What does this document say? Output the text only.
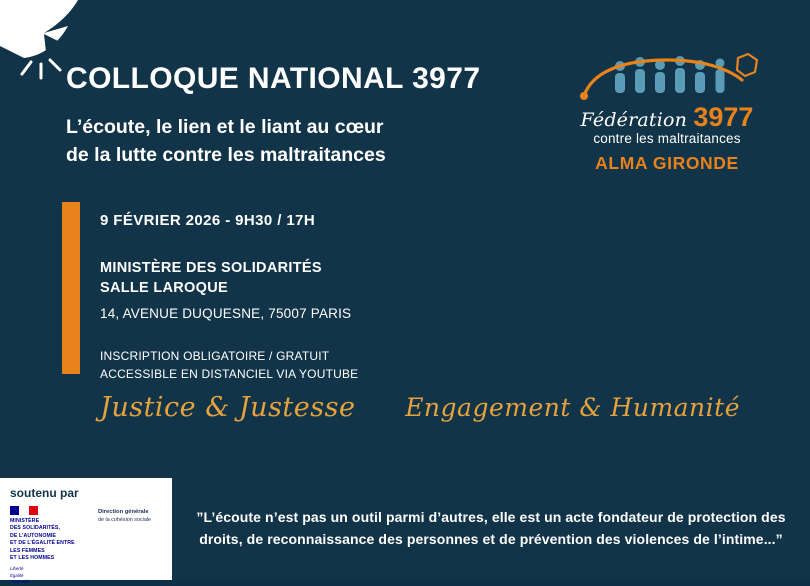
COLLOQUE NATIONAL 3977

L’écoute, le lien et le liant au cœur
de la lutte contre les maltraitances

Fédération 3977
contre les maltraitances
ALMA GIRONDE
9 FÉVRIER 2026 - 9H30 / 17H
MINISTÈRE DES SOLIDARITÉS
SALLE LAROQUE
14, AVENUE DUQUESNE, 75007 PARIS
INSCRIPTION OBLIGATOIRE / GRATUIT
ACCESSIBLE EN DISTANCIEL VIA YOUTUBE
Justice & Justesse Engagement & Humanité
soutenu par
MINISTÈRE
DES SOLIDARITÉS,
DE L’AUTONOMIE
ET DE L’ÉGALITÉ ENTRE
LES FEMMES
ET LES HOMMES
Liberté
Égalité
Fraternité
Direction générale
de la cohésion sociale	”L’écoute n’est pas un outil parmi d’autres, elle est un acte fondateur de protection des
droits, de reconnaissance des personnes et de prévention des violences de l’intime...”
